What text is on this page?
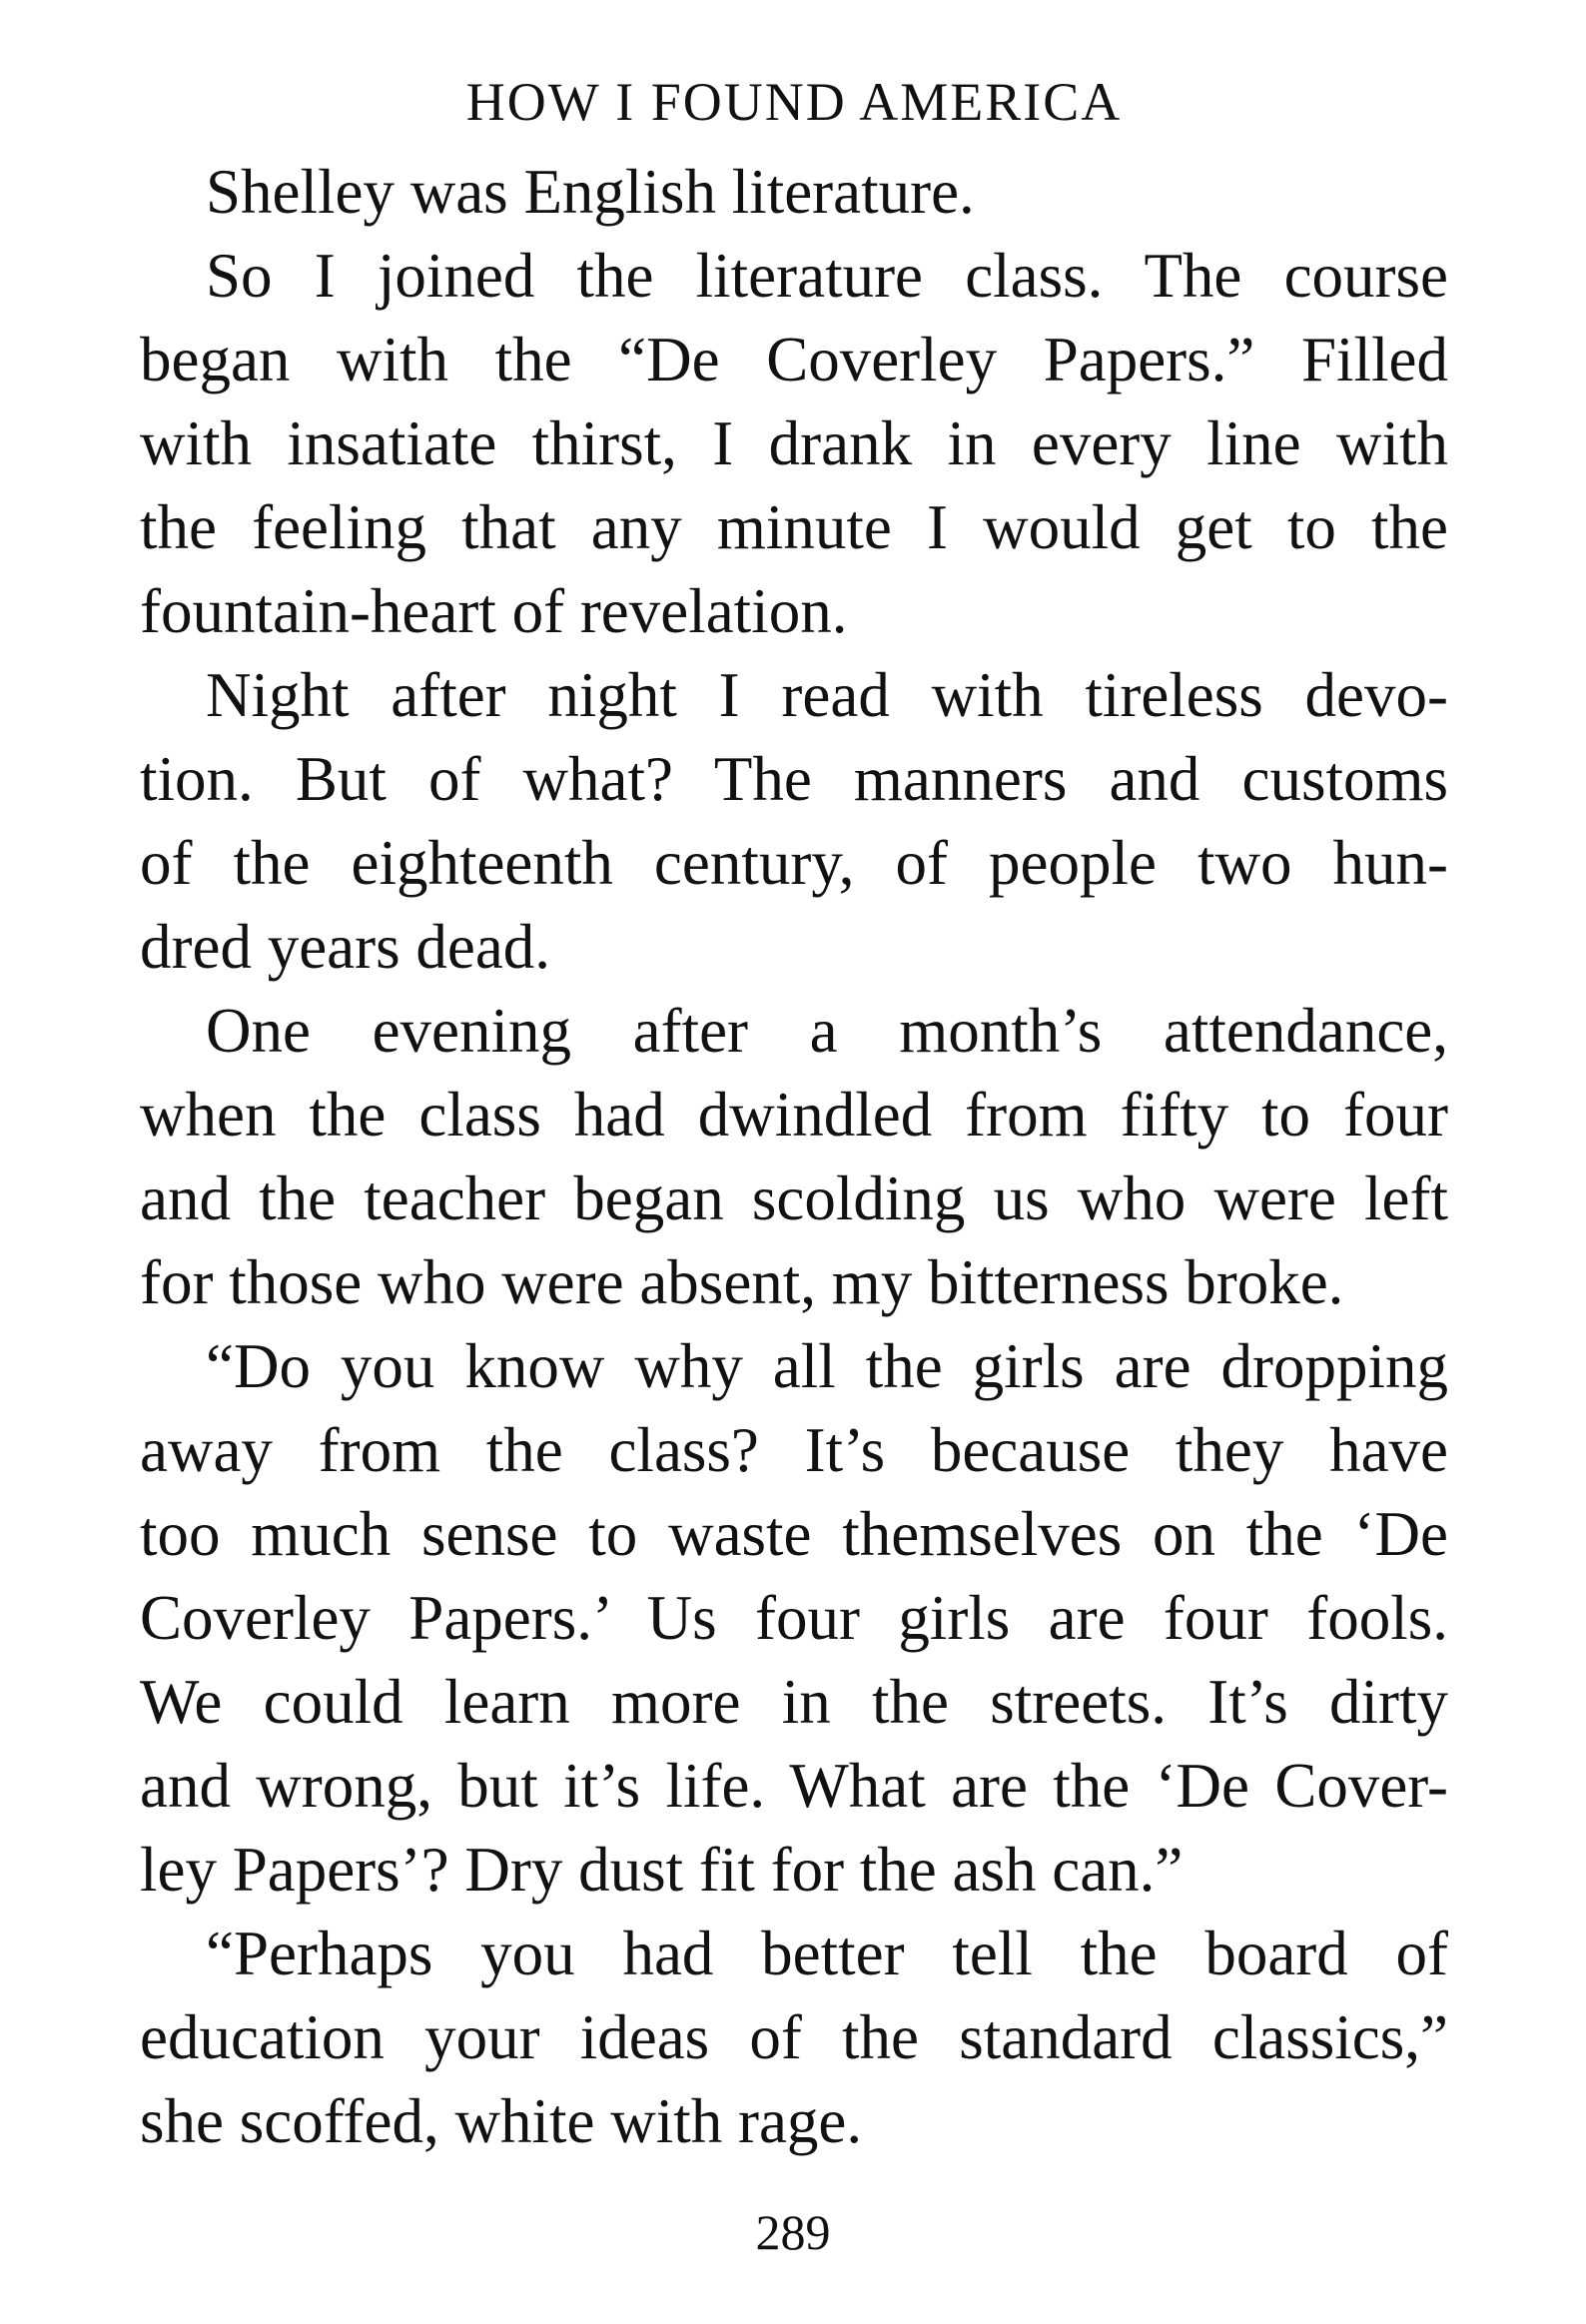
HOW I FOUND AMERICA
Shelley was English literature.
So I joined the literature class. The course
began with the “De Coverley Papers.” Filled
with insatiate thirst, I drank in every line with
the feeling that any minute I would get to the
fountain-heart of revelation.
Night after night I read with tireless devo-
tion. But of what? The manners and customs
of the eighteenth century, of people two hun-
dred years dead.
One evening after a month’s attendance,
when the class had dwindled from fifty to four
and the teacher began scolding us who were left
for those who were absent, my bitterness broke.
“Do you know why all the girls are dropping
away from the class? It’s because they have
too much sense to waste themselves on the ‘De
Coverley Papers.’ Us four girls are four fools.
We could learn more in the streets. It’s dirty
and wrong, but it’s life. What are the ‘De Cover-
ley Papers’? Dry dust fit for the ash can.”
“Perhaps you had better tell the board of
education your ideas of the standard classics,”
she scoffed, white with rage.
289
